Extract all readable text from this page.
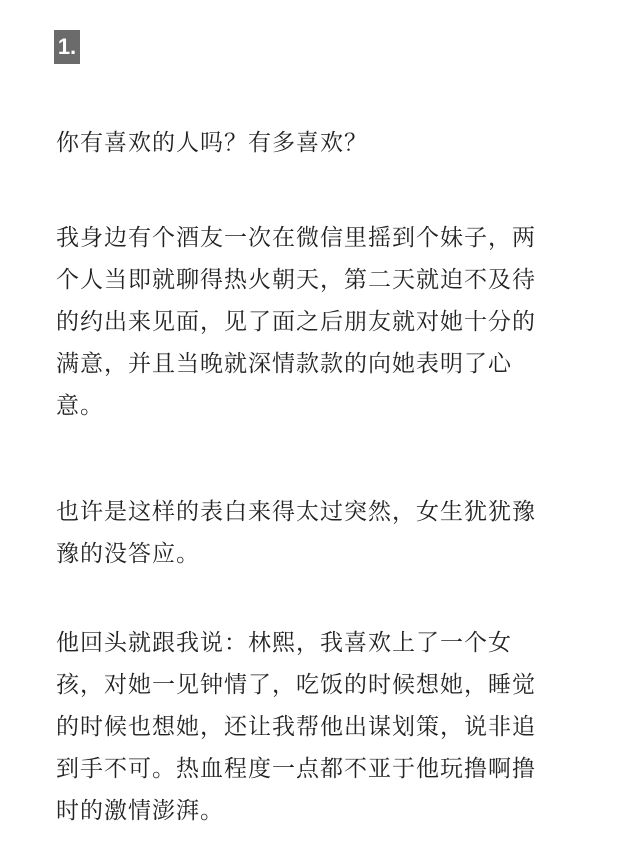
1.

你有喜欢的人吗？有多喜欢？

我身边有个酒友一次在微信里摇到个妹子，两
个人当即就聊得热火朝天，第二天就迫不及待
的约出来见面，见了面之后朋友就对她十分的
满意，并且当晚就深情款款的向她表明了心
意。

也许是这样的表白来得太过突然，女生犹犹豫
豫的没答应。

他回头就跟我说：林熙，我喜欢上了一个女
孩，对她一见钟情了，吃饭的时候想她，睡觉
的时候也想她，还让我帮他出谋划策，说非追
到手不可。热血程度一点都不亚于他玩撸啊撸
时的激情澎湃。
